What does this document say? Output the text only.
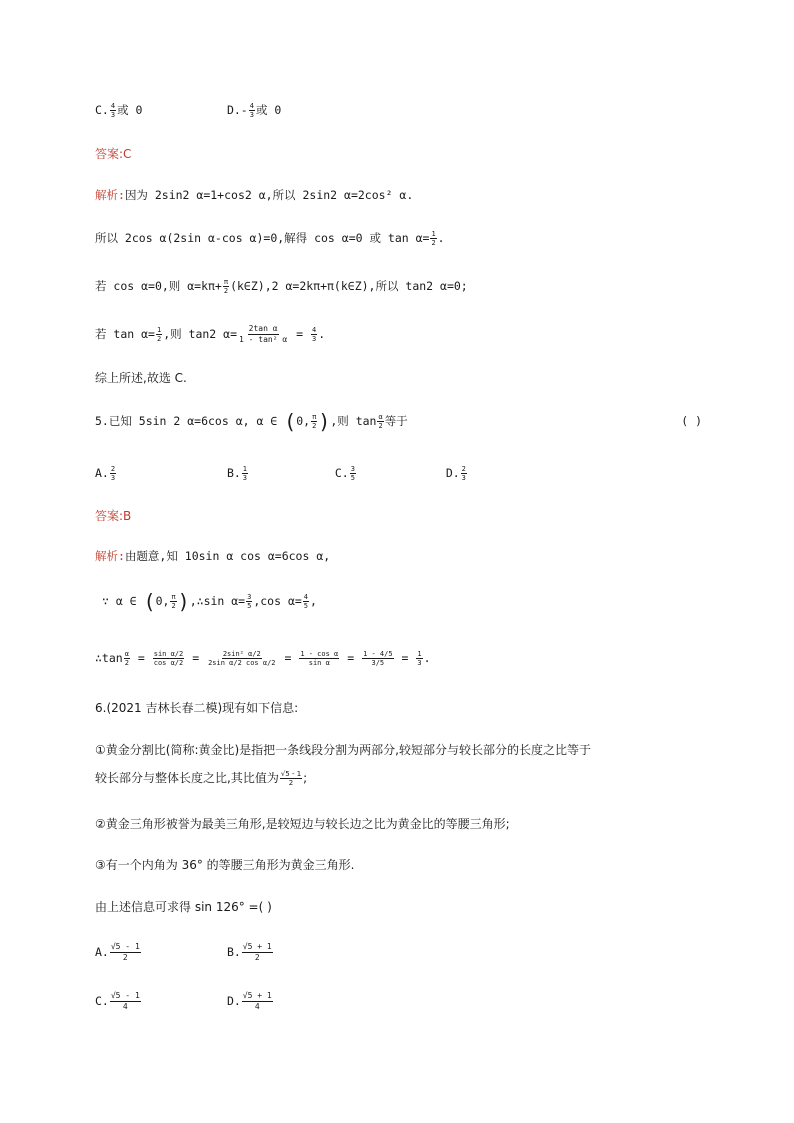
C. $\frac{4}{3}$ 或 0	$D.- \frac{4}{3}$ 或 0
答案:C
解析:因为 2sin2 α=1+cos2 α,所以 2sin2 α=2cos² α.
所以 2cos α(2sin α-cos α)=0,解得 cos α=0 或 $\tan \alpha= \frac{1}{2}$ .
若 cos α=0,则 $\alpha=k\pi+ \frac{\pi}{2}$ (k∈Z),2 α=2kπ+π(k∈Z),所以 tan2 α=0;
若 $\tan \alpha= \frac{1}{2}$ ,则 tan2 $\alpha= \frac{\text{2tan α}}{\text{1 - tan² α}} = \frac{4}{3}$ .
综上所述,故选 C.
5.已知 5sin 2 α=6cos α, α ∈ (0, $\frac{\pi}{2}$ ),则 $\tan \frac{\alpha}{2}$ 等于	( )
A. $\frac{2}{3}$	B. $\frac{1}{3}$	C. $\frac{3}{5}$	D. $\frac{2}{3}$
答案:B
解析:由题意,知 10sin α cos α=6cos α,
∵ α ∈ (0, $\frac{\pi}{2}$ ),∴sin $\alpha= \frac{3}{5} ,\cos$ $\alpha= \frac{4}{5}$ ,
∴tan $\frac{\alpha}{2} = \frac{\text{sin α/2}}{\text{cos α/2}} = \frac{\text{2sin² α/2}}{\text{2sin α/2 cos α/2}} = \frac{\text{1 - cos α}}{\text{sin α}} = \frac{1 - 4/5}{3/5} = \frac{1}{3}$ .
6.(2021 吉林长春二模)现有如下信息:
①黄金分割比(简称:黄金比)是指把一条线段分割为两部分,较短部分与较长部分的长度之比等于
较长部分与整体长度之比,其比值为 $\frac{√5 - 1}{2}$ ;
②黄金三角形被誉为最美三角形,是较短边与较长边之比为黄金比的等腰三角形;
③有一个内角为 36° 的等腰三角形为黄金三角形.
由上述信息可求得 sin 126° =( )
A. $\frac{√5 - 1}{2}$	B. $\frac{√5 + 1}{2}$
C. $\frac{√5 - 1}{4}$	D. $\frac{√5 + 1}{4}$
